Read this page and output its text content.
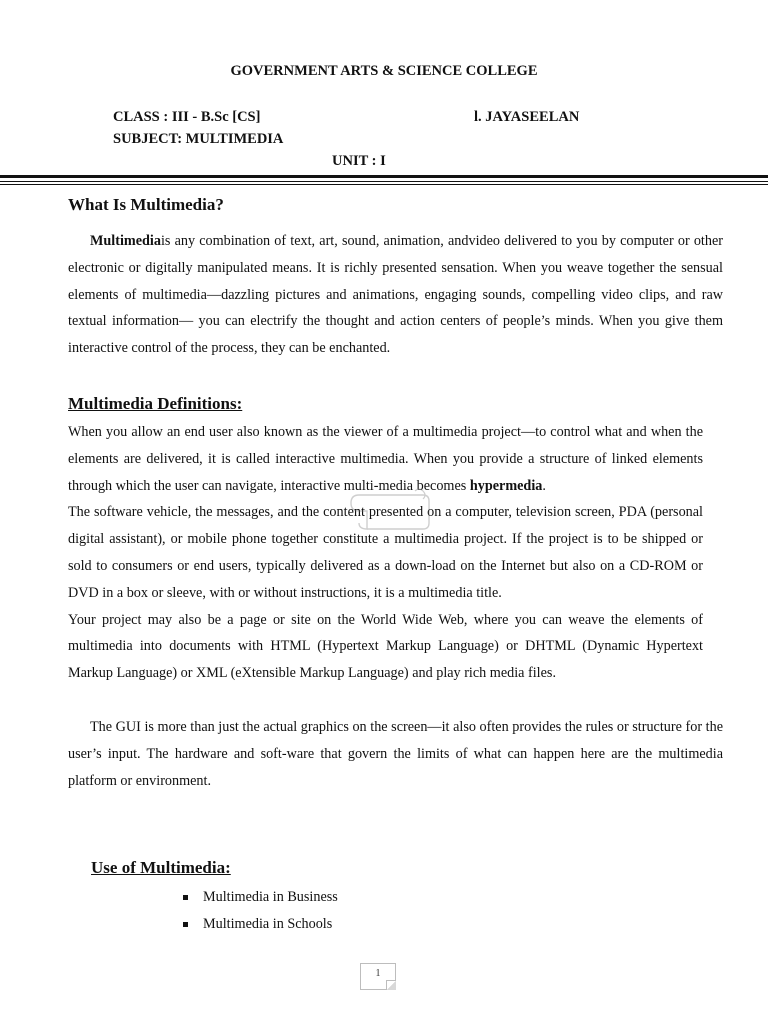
GOVERNMENT ARTS & SCIENCE COLLEGE
CLASS : III - B.Sc [CS]	l. JAYASEELAN
SUBJECT: MULTIMEDIA
UNIT : I
What Is Multimedia?

Multimediais any combination of text, art, sound, animation, andvideo delivered to you by computer or other electronic or digitally manipulated means. It is richly presented sensation. When you weave together the sensual elements of multimedia—dazzling pictures and animations, engaging sounds, compelling video clips, and raw textual information— you can electrify the thought and action centers of people’s minds. When you give them interactive control of the process, they can be enchanted.

Multimedia Definitions:

When you allow an end user also known as the viewer of a multimedia project—to control what and when the elements are delivered, it is called interactive multimedia. When you provide a structure of linked elements through which the user can navigate, interactive multi-media becomes hypermedia.

The software vehicle, the messages, and the content presented on a computer, television screen, PDA (personal digital assistant), or mobile phone together constitute a multimedia project. If the project is to be shipped or sold to consumers or end users, typically delivered as a down-load on the Internet but also on a CD-ROM or DVD in a box or sleeve, with or without instructions, it is a multimedia title.

Your project may also be a page or site on the World Wide Web, where you can weave the elements of multimedia into documents with HTML (Hypertext Markup Language) or DHTML (Dynamic Hypertext Markup Language) or XML (eXtensible Markup Language) and play rich media files.

The GUI is more than just the actual graphics on the screen—it also often provides the rules or structure for the user’s input. The hardware and soft-ware that govern the limits of what can happen here are the multimedia platform or environment.

Use of Multimedia:
Multimedia in Business
Multimedia in Schools
1
